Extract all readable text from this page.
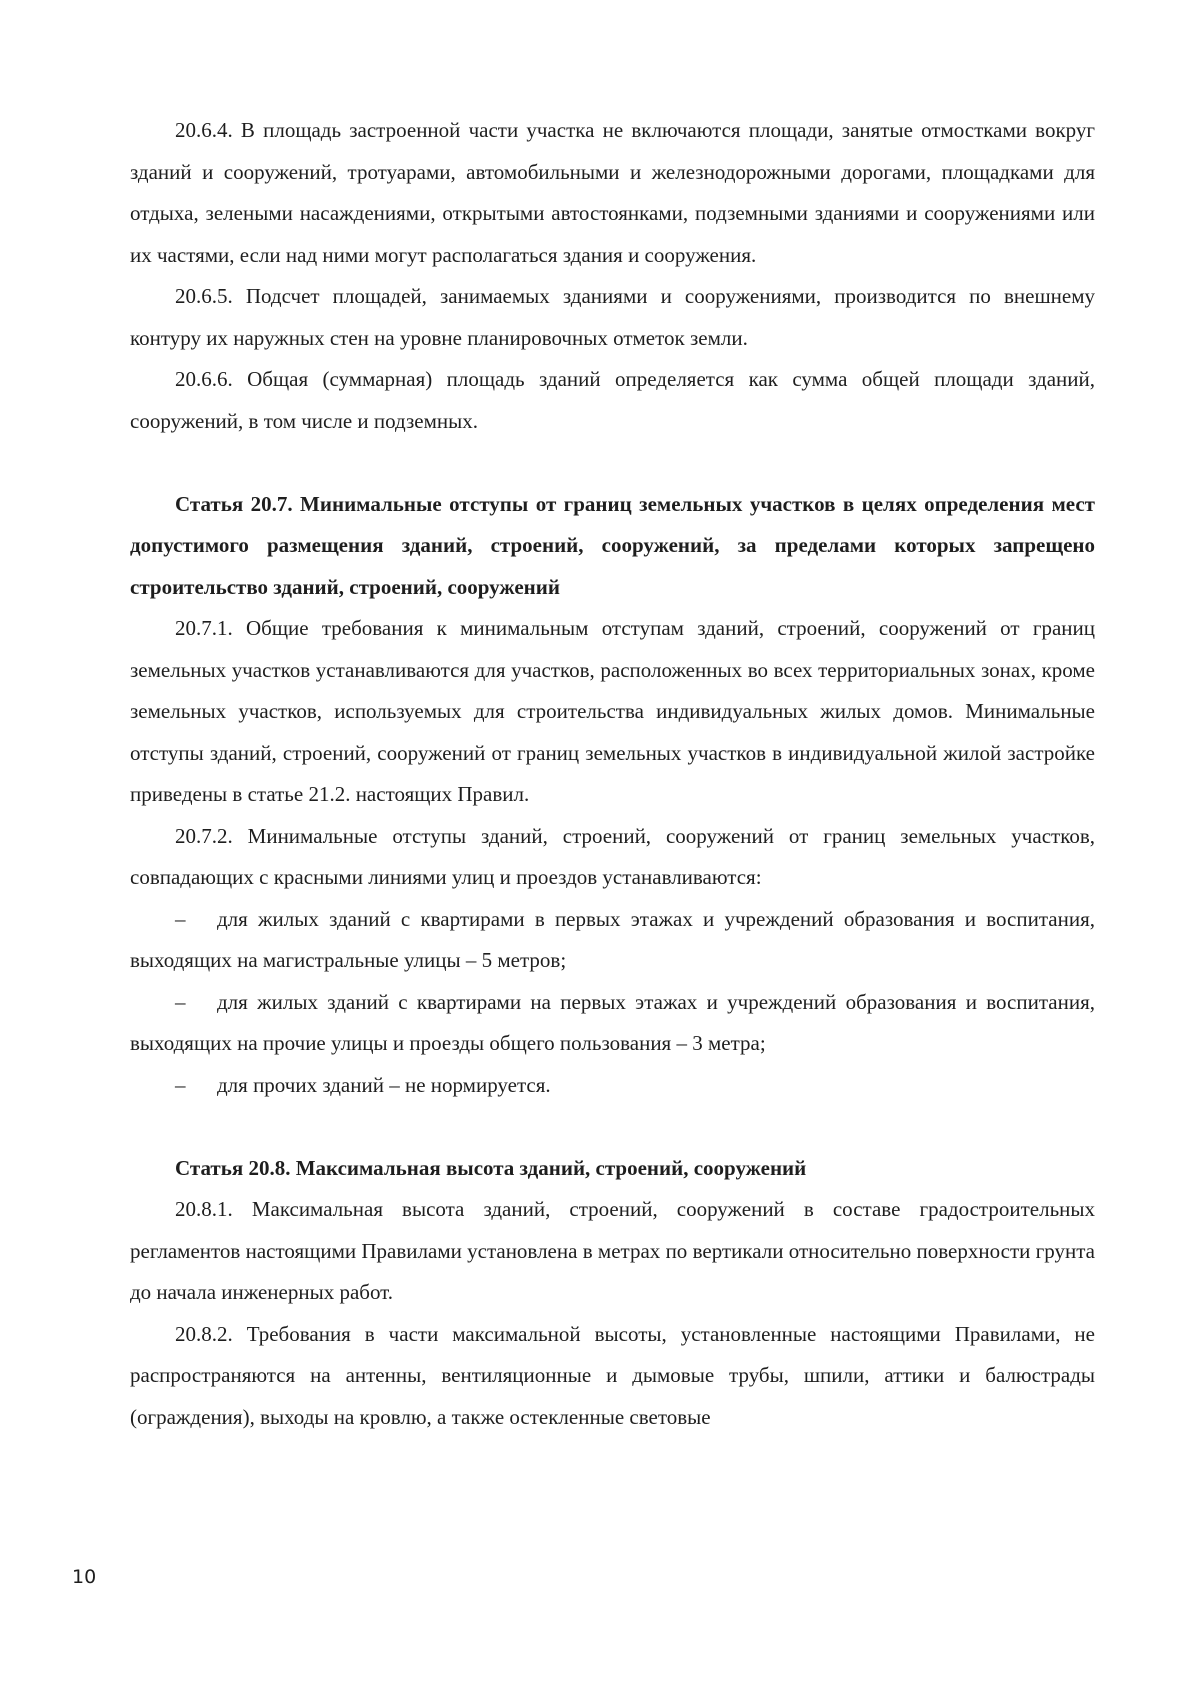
20.6.4. В площадь застроенной части участка не включаются площади, занятые отмостками вокруг зданий и сооружений, тротуарами, автомобильными и железнодорожными дорогами, площадками для отдыха, зелеными насаждениями, открытыми автостоянками, подземными зданиями и сооружениями или их частями, если над ними могут располагаться здания и сооружения.

20.6.5. Подсчет площадей, занимаемых зданиями и сооружениями, производится по внешнему контуру их наружных стен на уровне планировочных отметок земли.

20.6.6. Общая (суммарная) площадь зданий определяется как сумма общей площади зданий, сооружений, в том числе и подземных.

Статья 20.7. Минимальные отступы от границ земельных участков в целях определения мест допустимого размещения зданий, строений, сооружений, за пределами которых запрещено строительство зданий, строений, сооружений

20.7.1. Общие требования к минимальным отступам зданий, строений, сооружений от границ земельных участков устанавливаются для участков, расположенных во всех территориальных зонах, кроме земельных участков, используемых для строительства индивидуальных жилых домов. Минимальные отступы зданий, строений, сооружений от границ земельных участков в индивидуальной жилой застройке приведены в статье 21.2. настоящих Правил.

20.7.2. Минимальные отступы зданий, строений, сооружений от границ земельных участков, совпадающих с красными линиями улиц и проездов устанавливаются:

– для жилых зданий с квартирами в первых этажах и учреждений образования и воспитания, выходящих на магистральные улицы – 5 метров;

– для жилых зданий с квартирами на первых этажах и учреждений образования и воспитания, выходящих на прочие улицы и проезды общего пользования – 3 метра;

– для прочих зданий – не нормируется.

Статья 20.8. Максимальная высота зданий, строений, сооружений

20.8.1. Максимальная высота зданий, строений, сооружений в составе градостроительных регламентов настоящими Правилами установлена в метрах по вертикали относительно поверхности грунта до начала инженерных работ.

20.8.2. Требования в части максимальной высоты, установленные настоящими Правилами, не распространяются на антенны, вентиляционные и дымовые трубы, шпили, аттики и балюстрады (ограждения), выходы на кровлю, а также остекленные световые

10
